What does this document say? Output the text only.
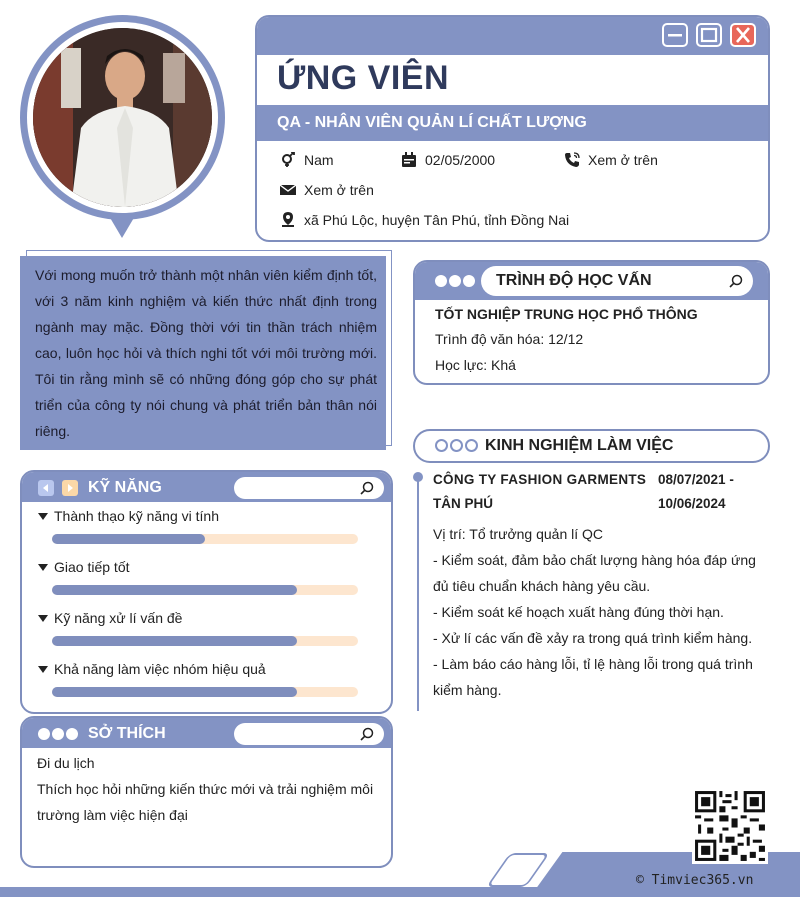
ỨNG VIÊN
QA - NHÂN VIÊN QUẢN LÍ CHẤT LƯỢNG
Nam	02/05/2000	Xem ở trên
Xem ở trên
xã Phú Lộc, huyện Tân Phú, tỉnh Đồng Nai
Với mong muốn trở thành một nhân viên kiểm định tốt, với 3 năm kinh nghiệm và kiến thức nhất định trong ngành may mặc. Đồng thời với tin thần trách nhiệm cao, luôn học hỏi và thích nghi tốt với môi trường mới. Tôi tin rằng mình sẽ có những đóng góp cho sự phát triển của công ty nói chung và phát triển bản thân nói riêng.
KỸ NĂNG
Thành thạo kỹ năng vi tính
Giao tiếp tốt
Kỹ năng xử lí vấn đề
Khả năng làm việc nhóm hiệu quả
SỞ THÍCH
Đi du lịch
Thích học hỏi những kiến thức mới và trải nghiệm môi trường làm việc hiện đại
TRÌNH ĐỘ HỌC VẤN
TỐT NGHIỆP TRUNG HỌC PHỔ THÔNG
Trình độ văn hóa: 12/12
Học lực: Khá
KINH NGHIỆM LÀM VIỆC
CÔNG TY FASHION GARMENTS
TÂN PHÚ
08/07/2021 -
10/06/2024
Vị trí: Tổ trưởng quản lí QC
- Kiểm soát, đảm bảo chất lượng hàng hóa đáp ứng đủ tiêu chuẩn khách hàng yêu cầu.
- Kiểm soát kế hoạch xuất hàng đúng thời hạn.
- Xử lí các vấn đề xảy ra trong quá trình kiểm hàng.
- Làm báo cáo hàng lỗi, tỉ lệ hàng lỗi trong quá trình kiểm hàng.
© Timviec365.vn
